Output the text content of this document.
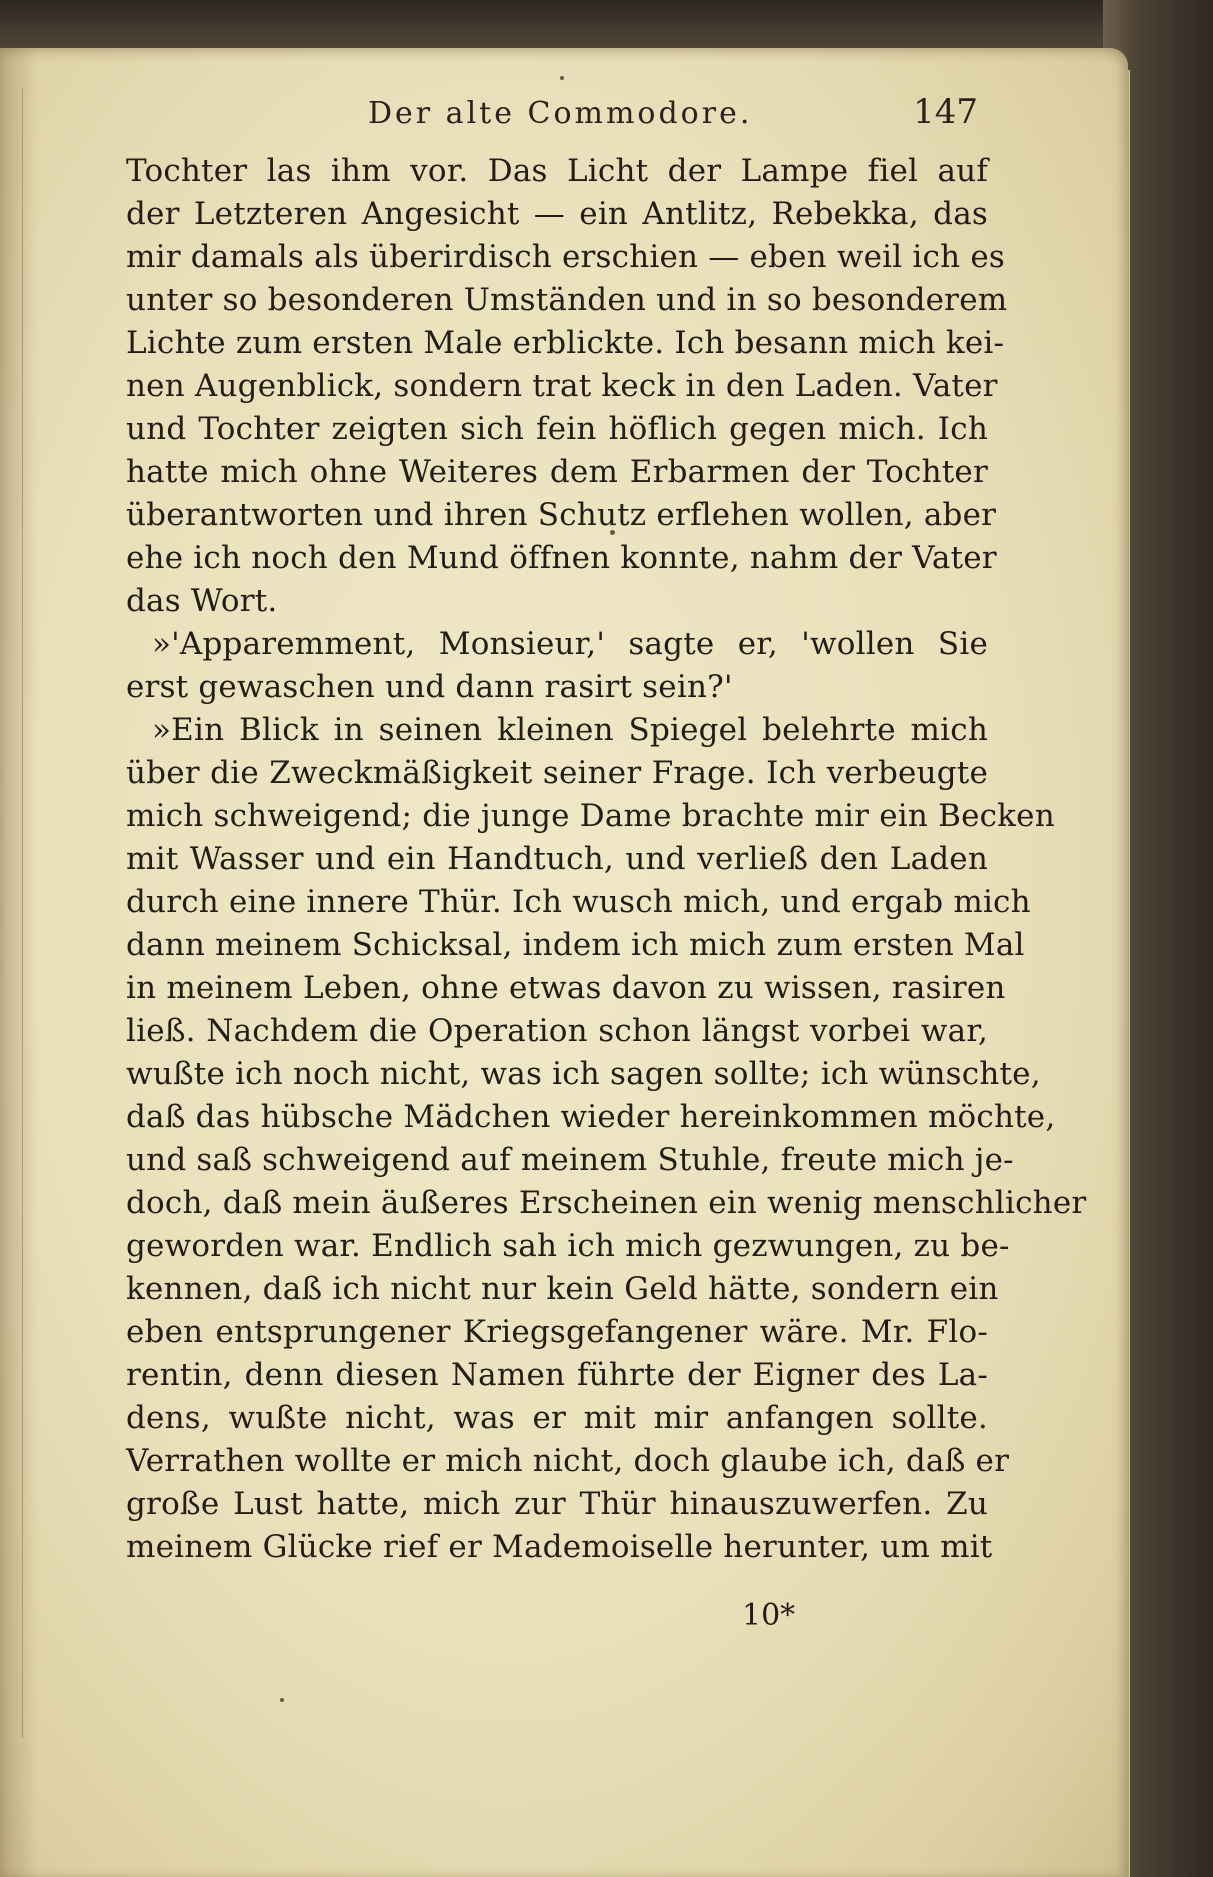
Der alte Commodore.	147
Tochter las ihm vor. Das Licht der Lampe fiel auf
der Letzteren Angesicht — ein Antlitz, Rebekka, das
mir damals als überirdisch erschien — eben weil ich es
unter so besonderen Umständen und in so besonderem
Lichte zum ersten Male erblickte. Ich besann mich kei-
nen Augenblick, sondern trat keck in den Laden. Vater
und Tochter zeigten sich fein höflich gegen mich. Ich
hatte mich ohne Weiteres dem Erbarmen der Tochter
überantworten und ihren Schutz erflehen wollen, aber
ehe ich noch den Mund öffnen konnte, nahm der Vater
das Wort.
»'Apparemment, Monsieur,' sagte er, 'wollen Sie
erst gewaschen und dann rasirt sein?'
»Ein Blick in seinen kleinen Spiegel belehrte mich
über die Zweckmäßigkeit seiner Frage. Ich verbeugte
mich schweigend; die junge Dame brachte mir ein Becken
mit Wasser und ein Handtuch, und verließ den Laden
durch eine innere Thür. Ich wusch mich, und ergab mich
dann meinem Schicksal, indem ich mich zum ersten Mal
in meinem Leben, ohne etwas davon zu wissen, rasiren
ließ. Nachdem die Operation schon längst vorbei war,
wußte ich noch nicht, was ich sagen sollte; ich wünschte,
daß das hübsche Mädchen wieder hereinkommen möchte,
und saß schweigend auf meinem Stuhle, freute mich je-
doch, daß mein äußeres Erscheinen ein wenig menschlicher
geworden war. Endlich sah ich mich gezwungen, zu be-
kennen, daß ich nicht nur kein Geld hätte, sondern ein
eben entsprungener Kriegsgefangener wäre. Mr. Flo-
rentin, denn diesen Namen führte der Eigner des La-
dens, wußte nicht, was er mit mir anfangen sollte.
Verrathen wollte er mich nicht, doch glaube ich, daß er
große Lust hatte, mich zur Thür hinauszuwerfen. Zu
meinem Glücke rief er Mademoiselle herunter, um mit
10*
